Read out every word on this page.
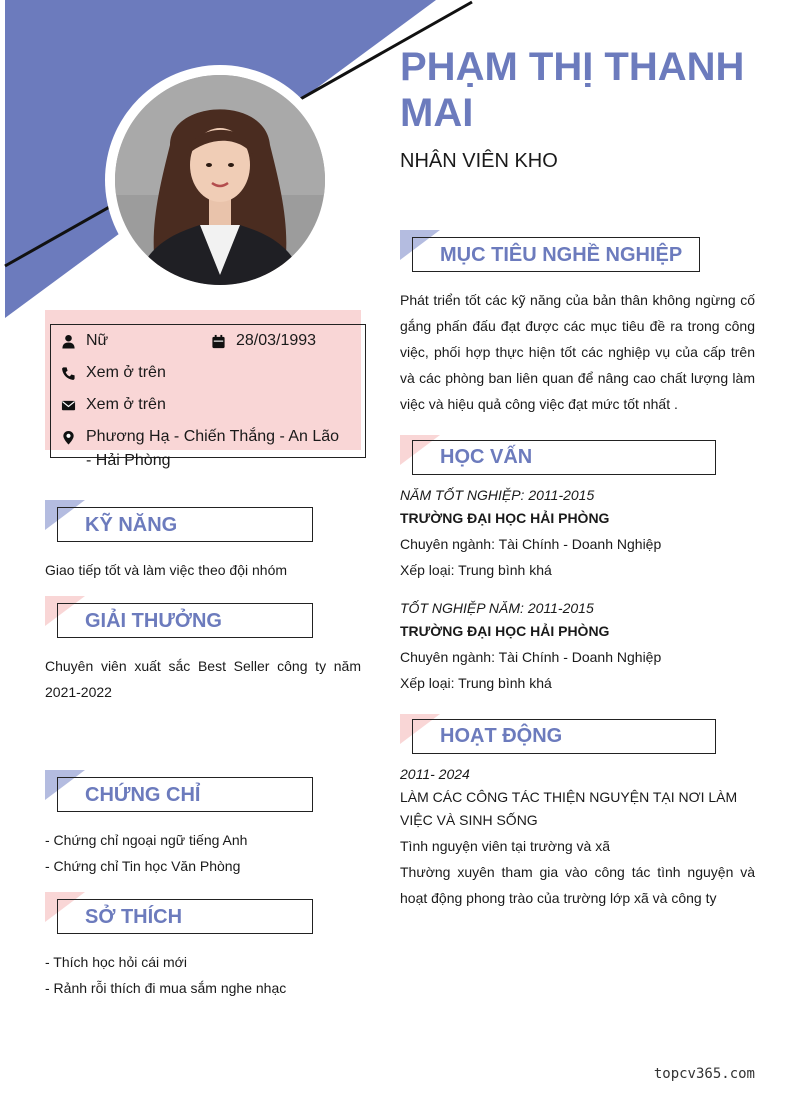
PHẠM THỊ THANH MAI
NHÂN VIÊN KHO
Nữ	28/03/1993
Xem ở trên
Xem ở trên
Phương Hạ - Chiến Thắng - An Lão - Hải Phòng
KỸ NĂNG
Giao tiếp tốt và làm việc theo đội nhóm
GIẢI THƯỞNG
Chuyên viên xuất sắc Best Seller công ty năm 2021-2022
CHỨNG CHỈ
- Chứng chỉ ngoại ngữ tiếng Anh
- Chứng chỉ Tin học Văn Phòng
SỞ THÍCH
- Thích học hỏi cái mới
- Rảnh rỗi thích đi mua sắm nghe nhạc
MỤC TIÊU NGHỀ NGHIỆP
Phát triển tốt các kỹ năng của bản thân không ngừng cố gắng phấn đấu đạt được các mục tiêu đề ra trong công việc, phối hợp thực hiện tốt các nghiệp vụ của cấp trên và các phòng ban liên quan để nâng cao chất lượng làm việc và hiệu quả công việc đạt mức tốt nhất .
HỌC VẤN
NĂM TỐT NGHIỆP: 2011-2015
TRƯỜNG ĐẠI HỌC HẢI PHÒNG
Chuyên ngành: Tài Chính - Doanh Nghiệp
Xếp loại: Trung bình khá
TỐT NGHIỆP NĂM: 2011-2015
TRƯỜNG ĐẠI HỌC HẢI PHÒNG
Chuyên ngành: Tài Chính - Doanh Nghiệp
Xếp loại: Trung bình khá
HOẠT ĐỘNG
2011- 2024
LÀM CÁC CÔNG TÁC THIỆN NGUYỆN TẠI NƠI LÀM VIỆC VÀ SINH SỐNG
Tình nguyện viên tại trường và xã
Thường xuyên tham gia vào công tác tình nguyện và hoạt động phong trào của trường lớp xã và công ty
topcv365.com
